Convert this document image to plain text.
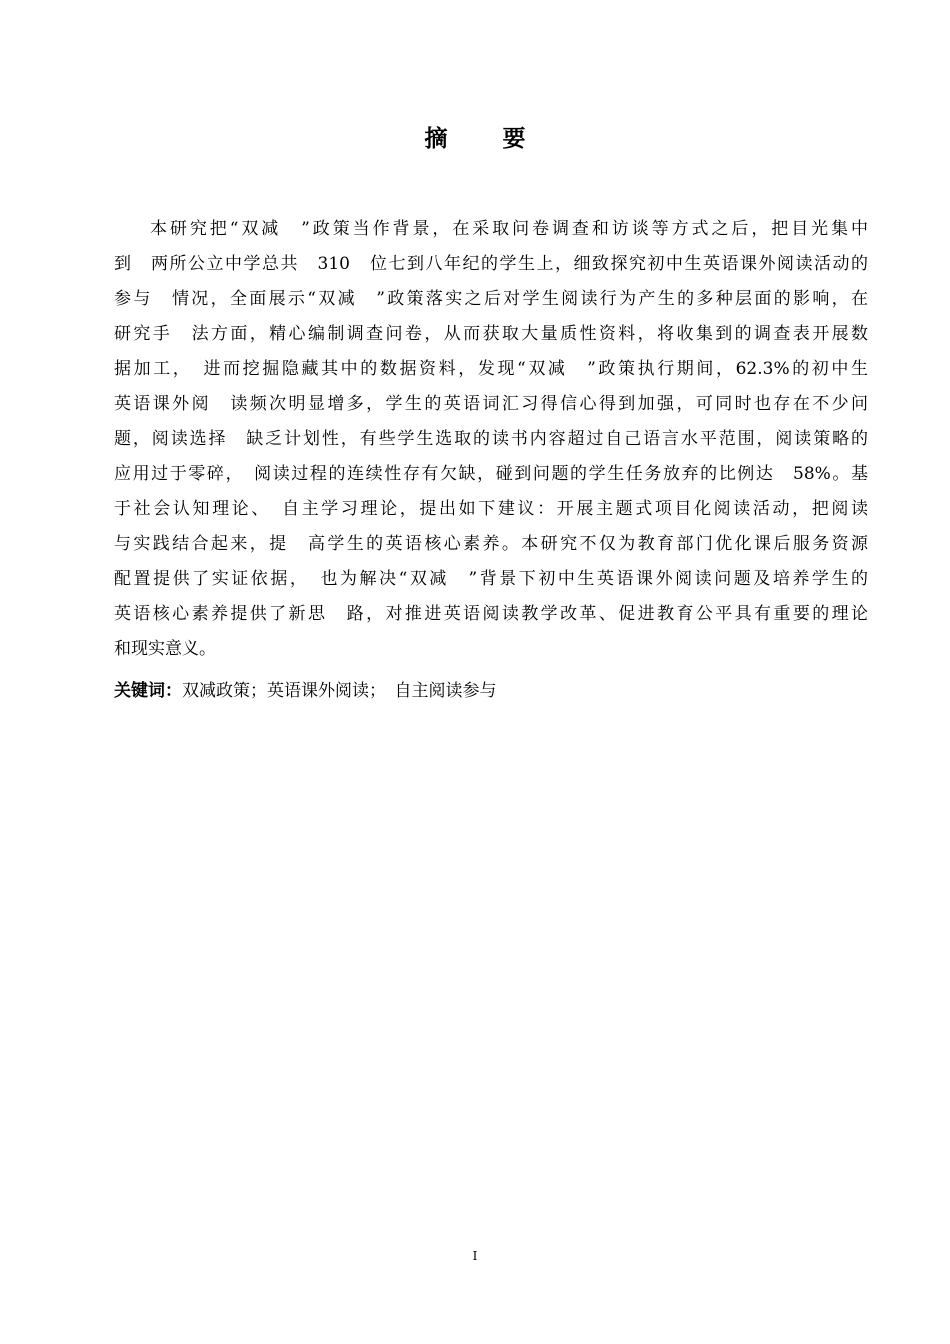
摘　要
本研究把“双减　”政策当作背景，在采取问卷调查和访谈等方式之后，把目光集中
到　两所公立中学总共　310　位七到八年纪的学生上，细致探究初中生英语课外阅读活动的
参与　情况，全面展示“双减　”政策落实之后对学生阅读行为产生的多种层面的影响，在
研究手　法方面，精心编制调查问卷，从而获取大量质性资料，将收集到的调查表开展数
据加工，　进而挖掘隐藏其中的数据资料，发现“双减　”政策执行期间，62.3%的初中生
英语课外阅　读频次明显增多，学生的英语词汇习得信心得到加强，可同时也存在不少问
题，阅读选择　缺乏计划性，有些学生选取的读书内容超过自己语言水平范围，阅读策略的
应用过于零碎，　阅读过程的连续性存有欠缺，碰到问题的学生任务放弃的比例达　58%。基
于社会认知理论、　自主学习理论，提出如下建议：开展主题式项目化阅读活动，把阅读
与实践结合起来，提　高学生的英语核心素养。本研究不仅为教育部门优化课后服务资源
配置提供了实证依据，　也为解决“双减　”背景下初中生英语课外阅读问题及培养学生的
英语核心素养提供了新思　路，对推进英语阅读教学改革、促进教育公平具有重要的理论
和现实意义。
关键词：双减政策；英语课外阅读；　自主阅读参与
I
